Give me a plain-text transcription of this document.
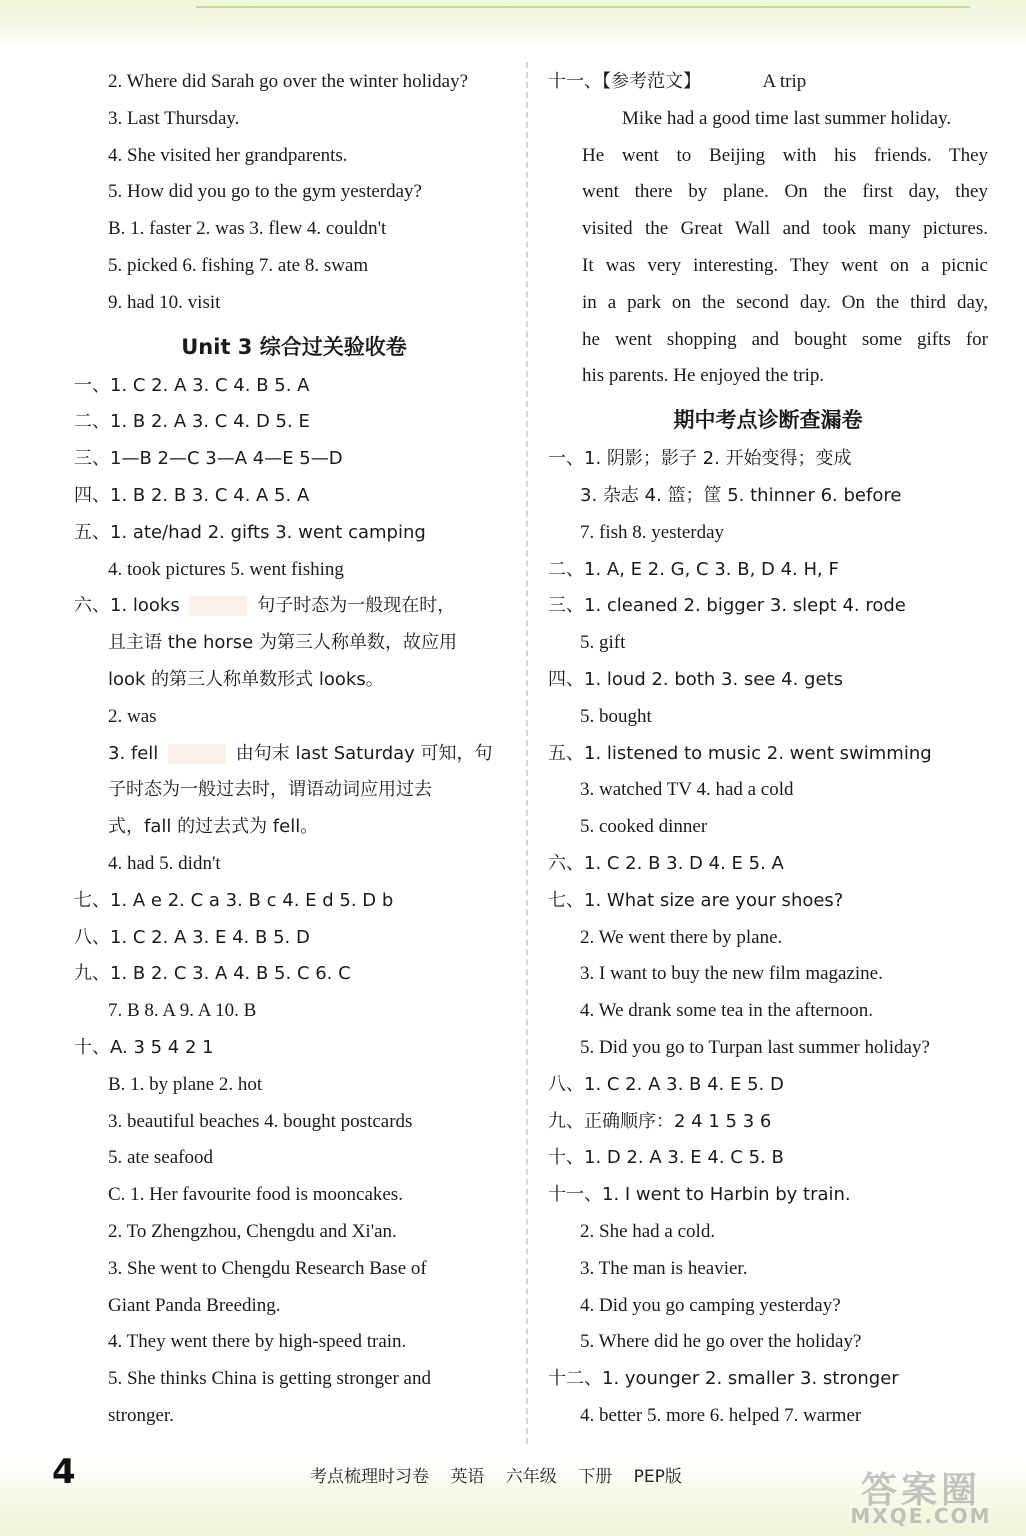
2. Where did Sarah go over the winter holiday?
3. Last Thursday.
4. She visited her grandparents.
5. How did you go to the gym yesterday?
B. 1. faster 2. was 3. flew 4. couldn't
5. picked 6. fishing 7. ate 8. swam
9. had 10. visit
Unit 3 综合过关验收卷
一、1. C 2. A 3. C 4. B 5. A
二、1. B 2. A 3. C 4. D 5. E
三、1—B 2—C 3—A 4—E 5—D
四、1. B 2. B 3. C 4. A 5. A
五、1. ate/had 2. gifts 3. went camping
4. took pictures 5. went fishing
六、1. looks	句子时态为一般现在时，
且主语 the horse 为第三人称单数，故应用
look 的第三人称单数形式 looks。
2. was
3. fell	由句末 last Saturday 可知，句
子时态为一般过去时，谓语动词应用过去
式，fall 的过去式为 fell。
4. had 5. didn't
七、1. A e 2. C a 3. B c 4. E d 5. D b
八、1. C 2. A 3. E 4. B 5. D
九、1. B 2. C 3. A 4. B 5. C 6. C
7. B 8. A 9. A 10. B
十、A. 3 5 4 2 1
B. 1. by plane 2. hot
3. beautiful beaches 4. bought postcards
5. ate seafood
C. 1. Her favourite food is mooncakes.
2. To Zhengzhou, Chengdu and Xi'an.
3. She went to Chengdu Research Base of
Giant Panda Breeding.
4. They went there by high-speed train.
5. She thinks China is getting stronger and
stronger.
十一、【参考范文】	A trip
Mike had a good time last summer holiday.
He went to Beijing with his friends. They
went there by plane. On the first day, they
visited the Great Wall and took many pictures.
It was very interesting. They went on a picnic
in a park on the second day. On the third day,
he went shopping and bought some gifts for
his parents. He enjoyed the trip.
期中考点诊断查漏卷
一、1. 阴影；影子 2. 开始变得；变成
3. 杂志 4. 篮；筐 5. thinner 6. before
7. fish 8. yesterday
二、1. A, E 2. G, C 3. B, D 4. H, F
三、1. cleaned 2. bigger 3. slept 4. rode
5. gift
四、1. loud 2. both 3. see 4. gets
5. bought
五、1. listened to music 2. went swimming
3. watched TV 4. had a cold
5. cooked dinner
六、1. C 2. B 3. D 4. E 5. A
七、1. What size are your shoes?
2. We went there by plane.
3. I want to buy the new film magazine.
4. We drank some tea in the afternoon.
5. Did you go to Turpan last summer holiday?
八、1. C 2. A 3. B 4. E 5. D
九、正确顺序：2 4 1 5 3 6
十、1. D 2. A 3. E 4. C 5. B
十一、1. I went to Harbin by train.
2. She had a cold.
3. The man is heavier.
4. Did you go camping yesterday?
5. Where did he go over the holiday?
十二、1. younger 2. smaller 3. stronger
4. better 5. more 6. helped 7. warmer
4	考点梳理时习卷 英语 六年级 下册 PEP版	答案圈
MXQE.COM
